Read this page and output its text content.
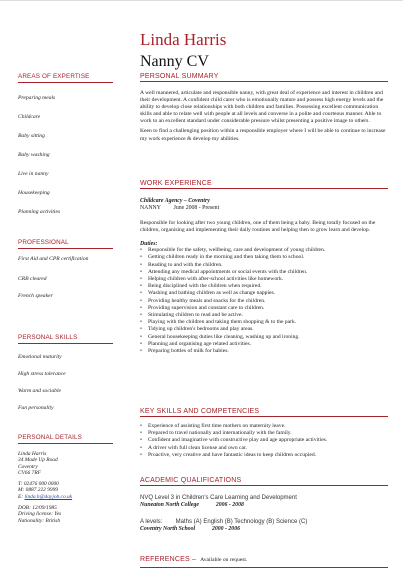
Linda Harris
Nanny CV
AREAS OF EXPERTISE
Preparing meals
Childcare
Baby sitting
Baby washing
Live in nanny
Housekeeping
Planning activities
PROFESSIONAL
First Aid and CPR certification
CRB cleared
French speaker
PERSONAL SKILLS
Emotional maturity
High stress tolerance
Warm and sociable
Fun personality
PERSONAL DETAILS
Linda Harris
34 Made Up Road
Coventry
CV66 7RF
T: 02476 000 0000
M: 0887 222 9999
E: linda.h@dayjob.co.uk
DOB: 12/09/1985
Driving license: Yes
Nationality: British
PERSONAL SUMMARY
A well mannered, articulate and responsible nanny, with great deal of experience and interest in children and their development. A confident child carer who is emotionally mature and possess high energy levels and the ability to develop close relationships with both children and families. Possessing excellent communication skills and able to relate well with people at all levels and converse in a polite and courteous manner. Able to work to an excellent standard under considerable pressure whilst presenting a positive image to others.
Keen to find a challenging position within a responsible employer where I will be able to continue to increase my work experience & develop my abilities.
WORK EXPERIENCE
Childcare Agency – Coventry
NANNY June 2008 - Present
Responsible for looking after two young children, one of them being a baby. Being totally focused on the children, organising and implementing their daily routines and helping then to grow learn and develop.
Duties:
• Responsible for the safety, wellbeing, care and development of young children.
• Getting children ready in the morning and then taking them to school.
• Reading to and with the children.
• Attending any medical appointments or social events with the children.
• Helping children with after-school activities like homework.
• Being disciplined with the children when required.
• Washing and bathing children as well as change nappies.
• Providing healthy meals and snacks for the children.
• Providing supervision and constant care to children.
• Stimulating children to read and be active.
• Playing with the children and taking them shopping & to the park.
• Tidying up children's bedrooms and play areas.
• General housekeeping duties like cleaning, washing up and ironing.
• Planning and organising age related activities.
• Preparing bottles of milk for babies.
KEY SKILLS AND COMPETENCIES
• Experience of assisting first time mothers on maternity leave.
• Prepared to travel nationally and internationally with the family.
• Confident and imaginative with constructive play and age appropriate activities.
• A driver with full clean license and own car.
• Proactive, very creative and have fantastic ideas to keep children occupied.
ACADEMIC QUALIFICATIONS
NVQ Level 3 in Children's Care Learning and Development
Nuneaton North College	2006 - 2008
A levels:        Maths (A) English (B) Technology (B) Science (C)
Coventry North School	2000 - 2006
REFERENCES – Available on request.
